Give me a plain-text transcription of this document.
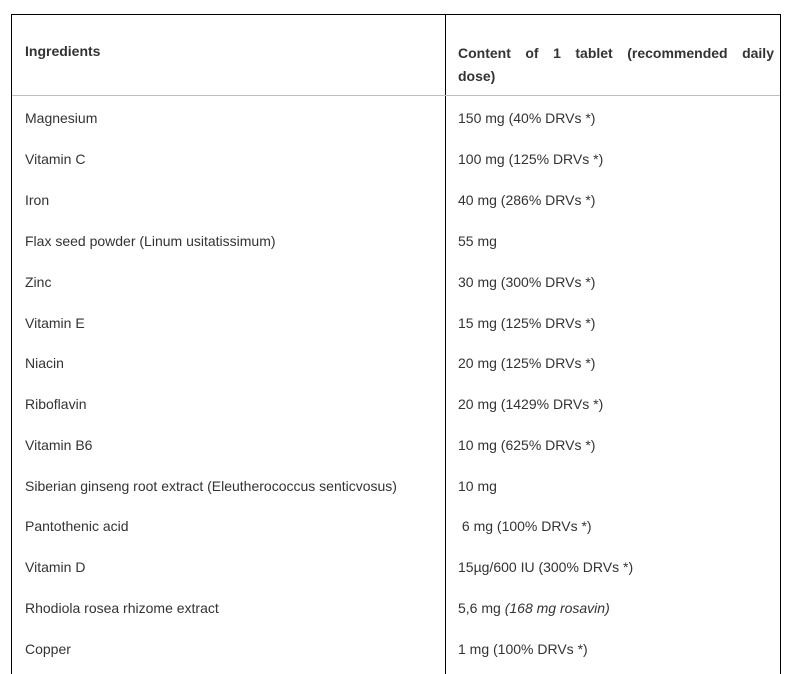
Ingredients	Content of 1 tablet (recommended daily dose)
Magnesium	150 mg (40% DRVs *)
Vitamin C	100 mg (125% DRVs *)
Iron	40 mg (286% DRVs *)
Flax seed powder (Linum usitatissimum)	55 mg
Zinc	30 mg (300% DRVs *)
Vitamin E	15 mg (125% DRVs *)
Niacin	20 mg (125% DRVs *)
Riboflavin	20 mg (1429% DRVs *)
Vitamin B6	10 mg (625% DRVs *)
Siberian ginseng root extract (Eleutherococcus senticvosus)	10 mg
Pantothenic acid	6 mg (100% DRVs *)
Vitamin D	15µg/600 IU (300% DRVs *)
Rhodiola rosea rhizome extract	5,6 mg (168 mg rosavin)
Copper	1 mg (100% DRVs *)
